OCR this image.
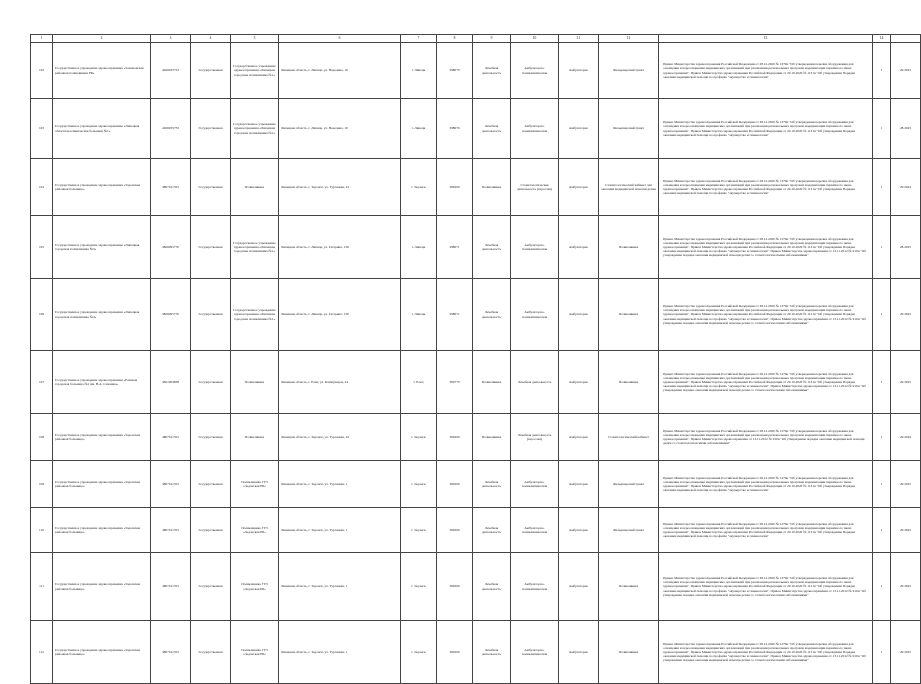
1	2	3	4	5	6	7	8	9	10	11	12	13	14	
102	Государственное учреждение здравоохранения «Зонамовская районная поликлиника РБ»	4026035753	Государственная	Государственное учреждение здравоохранения «Липецкая городская поликлиника №1»	Липецкая область, г. Липецк, ул. Неделина, 10	г. Липецк	398070	Лечебная деятельность	Амбулаторно-поликлиническая	Амбулаторно	Фельдшерский пункт	Приказ Министерства здравоохранения Российской Федерации от 28.12.2020 № 1379н "Об утверждении перечня оборудования для оснащения и переоснащения медицинских организаций при реализации региональных программ модернизации первичного звена здравоохранения". Приказ Министерства здравоохранения Российской Федерации от 20.10.2020 № 1131н "Об утверждении Порядка оказания медицинской помощи по профилю "акушерство и гинекология"	1	29.2023
103	Государственное учреждение здравоохранения «Липецкая областная клиническая больница №1»	4026035753	Государственная	Государственное учреждение здравоохранения «Липецкая городская поликлиника №1»	Липецкая область, г. Липецк, ул. Неделина, 10	г. Липецк	398070	Лечебная деятельность	Амбулаторно-поликлиническая	Амбулаторно	Фельдшерский пункт	Приказ Министерства здравоохранения Российской Федерации от 28.12.2020 № 1379н "Об утверждении перечня оборудования для оснащения и переоснащения медицинских организаций при реализации региональных программ модернизации первичного звена здравоохранения". Приказ Министерства здравоохранения Российской Федерации от 20.10.2020 № 1131н "Об утверждении Порядка оказания медицинской помощи по профилю "акушерство и гинекология"	1	28.2023
104	Государственное учреждение здравоохранения «Задонская районная больница»	4807011555	Государственная	Поликлиника	Липецкая область, г. Задонск, ул. Тургенева, 22	г. Задонск	399200	Поликлиника	Стоматологическая деятельность (взрослая)	Амбулаторно	Стоматологический кабинет для оказания медицинской помощи детям	Приказ Министерства здравоохранения Российской Федерации от 28.12.2020 № 1379н "Об утверждении перечня оборудования для оснащения и переоснащения медицинских организаций при реализации региональных программ модернизации первичного звена здравоохранения". Приказ Министерства здравоохранения Российской Федерации от 20.10.2020 № 1131н "Об утверждении Порядка оказания медицинской помощи по профилю "акушерство и гинекология"	1	29.2024
105	Государственное учреждение здравоохранения «Липецкая городская поликлиника №3»	4826095770	Государственная	Государственное учреждение здравоохранения «Липецкая городская поликлиника №1»	Липецкая область, г. Липецк, ул. Гагарина, 139	г. Липецк	398071	Лечебная деятельность	Амбулаторно-поликлиническая	Амбулаторно	Поликлиника	Приказ Министерства здравоохранения Российской Федерации от 28.12.2020 № 1379н "Об утверждении перечня оборудования для оснащения и переоснащения медицинских организаций при реализации региональных программ модернизации первичного звена здравоохранения". Приказ Министерства здравоохранения Российской Федерации от 20.10.2020 № 1131н "Об утверждении Порядка оказания медицинской помощи по профилю "акушерство и гинекология". Приказ Министерства здравоохранения от 13.11.2012 № 910н "Об утверждении порядка оказания медицинской помощи детям со стоматологическими заболеваниями"	1	28.2025
106	Государственное учреждение здравоохранения «Липецкая городская поликлиника №4»	4826095770	Государственная	Государственное учреждение здравоохранения «Липецкая городская поликлиника №1»	Липецкая область, г. Липецк, ул. Гагарина, 139	г. Липецк	398071	Лечебная деятельность	Амбулаторно-поликлиническая	Амбулаторно	Поликлиника	Приказ Министерства здравоохранения Российской Федерации от 28.12.2020 № 1379н "Об утверждении перечня оборудования для оснащения и переоснащения медицинских организаций при реализации региональных программ модернизации первичного звена здравоохранения". Приказ Министерства здравоохранения Российской Федерации от 20.10.2020 № 1131н "Об утверждении Порядка оказания медицинской помощи по профилю "акушерство и гинекология". Приказ Министерства здравоохранения от 13.11.2012 № 910н "Об утверждении порядка оказания медицинской помощи детям со стоматологическими заболеваниями"	1	29.2025
107	Государственное учреждение здравоохранения «Елецкая городская больница №1 им. Н.А. Семашко»	4821004838	Государственная	Поликлиника	Липецкая область, г. Елец, ул. Коммунаров, 24	г. Елец	399770	Поликлиника	Лечебная деятельность	Амбулаторно	Поликлиника	Приказ Министерства здравоохранения Российской Федерации от 28.12.2020 № 1379н "Об утверждении перечня оборудования для оснащения и переоснащения медицинских организаций при реализации региональных программ модернизации первичного звена здравоохранения". Приказ Министерства здравоохранения Российской Федерации от 20.10.2020 № 1131н "Об утверждении Порядка оказания медицинской помощи по профилю "акушерство и гинекология". Приказ Министерства здравоохранения от 13.11.2012 № 910н "Об утверждении порядка оказания медицинской помощи детям со стоматологическими заболеваниями"	1	29.2025
108	Государственное учреждение здравоохранения «Задонская районная больница»	4807011555	Государственная	Поликлиника	Липецкая область, г. Задонск, ул. Тургенева, 22	г. Задонск	399200	Поликлиника	Лечебная деятельность (взрослая)	Амбулаторно	Стоматологический кабинет	Приказ Министерства здравоохранения Российской Федерации от 28.12.2020 № 1379н "Об утверждении перечня оборудования для оснащения и переоснащения медицинских организаций при реализации региональных программ модернизации первичного звена здравоохранения". Приказ Министерства здравоохранения от 13.11.2012 № 910н "Об утверждении порядка оказания медицинской помощи детям со стоматологическими заболеваниями"	1	29.2024
109	Государственное учреждение здравоохранения «Задонская районная больница»	4807011555	Государственная	Поликлиника ГУЗ «Задонская РБ»	Липецкая область, г. Задонск, ул. Тургенева, 1	г. Задонск	399200	Лечебная деятельность	Амбулаторно-поликлиническая	Амбулаторно	Фельдшерский пункт	Приказ Министерства здравоохранения Российской Федерации от 28.12.2020 № 1379н "Об утверждении перечня оборудования для оснащения и переоснащения медицинских организаций при реализации региональных программ модернизации первичного звена здравоохранения". Приказ Министерства здравоохранения Российской Федерации от 20.10.2020 № 1131н "Об утверждении Порядка оказания медицинской помощи по профилю "акушерство и гинекология"	1	29.2025
110	Государственное учреждение здравоохранения «Задонская районная больница»	4807011555	Государственная	Поликлиника ГУЗ «Задонская РБ»	Липецкая область, г. Задонск, ул. Тургенева, 1	г. Задонск	399200	Лечебная деятельность	Амбулаторно-поликлиническая	Амбулаторно	Фельдшерский пункт	Приказ Министерства здравоохранения Российской Федерации от 28.12.2020 № 1379н "Об утверждении перечня оборудования для оснащения и переоснащения медицинских организаций при реализации региональных программ модернизации первичного звена здравоохранения". Приказ Министерства здравоохранения Российской Федерации от 20.10.2020 № 1131н "Об утверждении Порядка оказания медицинской помощи по профилю "акушерство и гинекология"	1	29.2025
111	Государственное учреждение здравоохранения «Задонская районная больница»	4807011555	Государственная	Поликлиника ГУЗ «Задонская РБ»	Липецкая область, г. Задонск, ул. Тургенева, 1	г. Задонск	399200	Лечебная деятельность	Амбулаторно-поликлиническая	Амбулаторно	Поликлиника	Приказ Министерства здравоохранения Российской Федерации от 28.12.2020 № 1379н "Об утверждении перечня оборудования для оснащения и переоснащения медицинских организаций при реализации региональных программ модернизации первичного звена здравоохранения". Приказ Министерства здравоохранения Российской Федерации от 20.10.2020 № 1131н "Об утверждении Порядка оказания медицинской помощи по профилю "акушерство и гинекология". Приказ Министерства здравоохранения от 13.11.2012 № 910н "Об утверждении порядка оказания медицинской помощи детям со стоматологическими заболеваниями"	1	29.2025
112	Государственное учреждение здравоохранения «Задонская районная больница»	4807011555	Государственная	Поликлиника ГУЗ «Задонская РБ»	Липецкая область, г. Задонск, ул. Тургенева, 1	г. Задонск	399200	Лечебная деятельность	Амбулаторно-поликлиническая	Амбулаторно	Поликлиника	Приказ Министерства здравоохранения Российской Федерации от 28.12.2020 № 1379н "Об утверждении перечня оборудования для оснащения и переоснащения медицинских организаций при реализации региональных программ модернизации первичного звена здравоохранения". Приказ Министерства здравоохранения Российской Федерации от 20.10.2020 № 1131н "Об утверждении Порядка оказания медицинской помощи по профилю "акушерство и гинекология". Приказ Министерства здравоохранения от 13.11.2012 № 910н "Об утверждении порядка оказания медицинской помощи детям со стоматологическими заболеваниями"	1	29.2025
